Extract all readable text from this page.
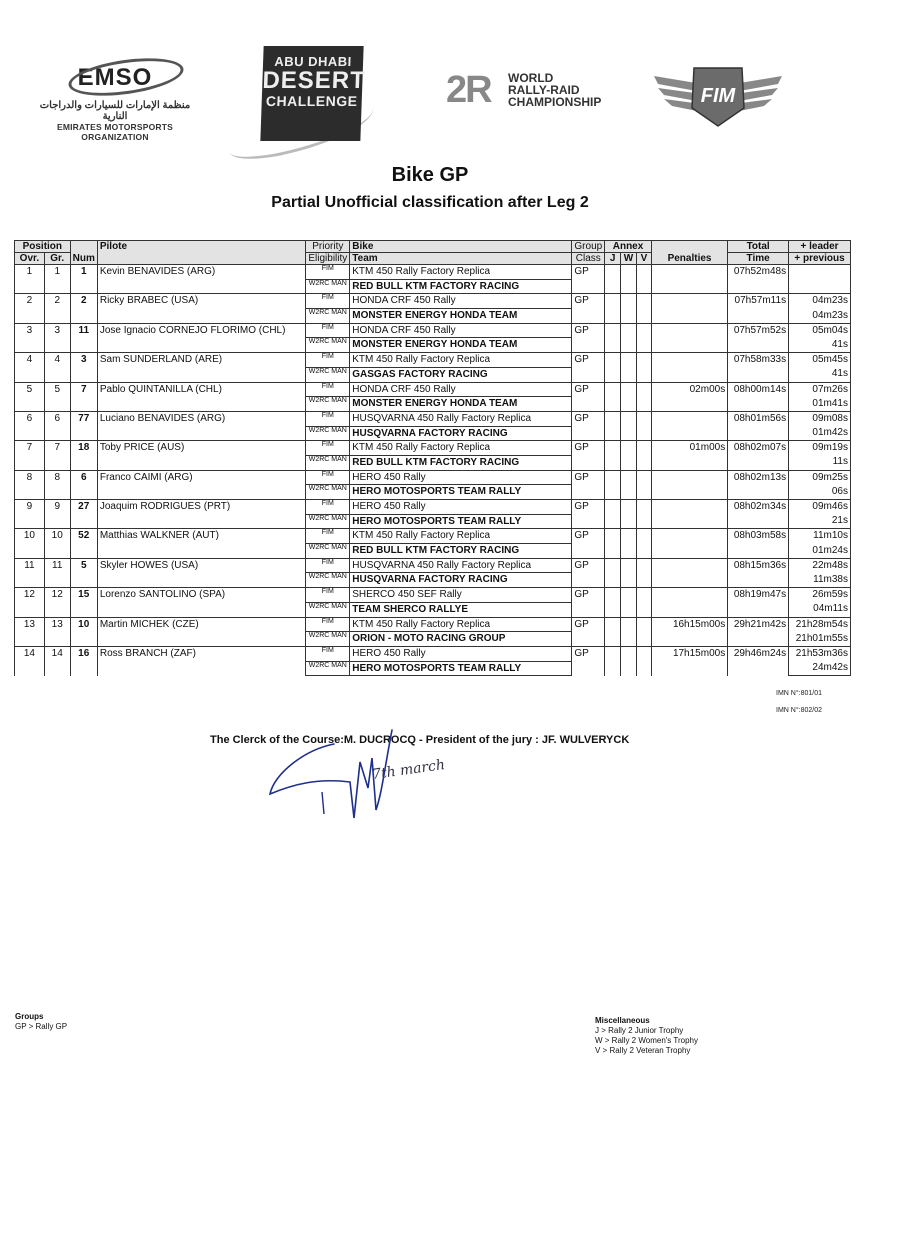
EMSO
منظمة الإمارات للسيارات والدراجات النارية
EMIRATES MOTORSPORTS ORGANIZATION
ABU DHABI
DESERT
CHALLENGE 2R WORLD
RALLY-RAID
CHAMPIONSHIP	FIM
Bike GP
Partial Unofficial classification after Leg 2
Position		Num	Pilote	Priority	Bike	Group	Annex			Penalties	Total	+ leader
Ovr.	Gr.			Eligibility	Team	Class	J	W	V		Time	+ previous
1	1	1	Kevin BENAVIDES (ARG)	FIM	KTM 450 Rally Factory Replica	GP					07h52m48s	
				W2RC MAN	RED BULL KTM FACTORY RACING							
2	2	2	Ricky BRABEC (USA)	FIM	HONDA CRF 450 Rally	GP					07h57m11s	04m23s
				W2RC MAN	MONSTER ENERGY HONDA TEAM							04m23s
3	3	11	Jose Ignacio CORNEJO FLORIMO (CHL)	FIM	HONDA CRF 450 Rally	GP					07h57m52s	05m04s
				W2RC MAN	MONSTER ENERGY HONDA TEAM							41s
4	4	3	Sam SUNDERLAND (ARE)	FIM	KTM 450 Rally Factory Replica	GP					07h58m33s	05m45s
				W2RC MAN	GASGAS FACTORY RACING							41s
5	5	7	Pablo QUINTANILLA (CHL)	FIM	HONDA CRF 450 Rally	GP				02m00s	08h00m14s	07m26s
				W2RC MAN	MONSTER ENERGY HONDA TEAM							01m41s
6	6	77	Luciano BENAVIDES (ARG)	FIM	HUSQVARNA 450 Rally Factory Replica	GP					08h01m56s	09m08s
				W2RC MAN	HUSQVARNA FACTORY RACING							01m42s
7	7	18	Toby PRICE (AUS)	FIM	KTM 450 Rally Factory Replica	GP				01m00s	08h02m07s	09m19s
				W2RC MAN	RED BULL KTM FACTORY RACING							11s
8	8	6	Franco CAIMI (ARG)	FIM	HERO 450 Rally	GP					08h02m13s	09m25s
				W2RC MAN	HERO MOTOSPORTS TEAM RALLY							06s
9	9	27	Joaquim RODRIGUES (PRT)	FIM	HERO 450 Rally	GP					08h02m34s	09m46s
				W2RC MAN	HERO MOTOSPORTS TEAM RALLY							21s
10	10	52	Matthias WALKNER (AUT)	FIM	KTM 450 Rally Factory Replica	GP					08h03m58s	11m10s
				W2RC MAN	RED BULL KTM FACTORY RACING							01m24s
11	11	5	Skyler HOWES (USA)	FIM	HUSQVARNA 450 Rally Factory Replica	GP					08h15m36s	22m48s
				W2RC MAN	HUSQVARNA FACTORY RACING							11m38s
12	12	15	Lorenzo SANTOLINO (SPA)	FIM	SHERCO 450 SEF Rally	GP					08h19m47s	26m59s
				W2RC MAN	TEAM SHERCO RALLYE							04m11s
13	13	10	Martin MICHEK (CZE)	FIM	KTM 450 Rally Factory Replica	GP				16h15m00s	29h21m42s	21h28m54s
				W2RC MAN	ORION - MOTO RACING GROUP							21h01m55s
14	14	16	Ross BRANCH (ZAF)	FIM	HERO 450 Rally	GP				17h15m00s	29h46m24s	21h53m36s
				W2RC MAN	HERO MOTOSPORTS TEAM RALLY							24m42s
IMN N°:801/01
IMN N°:802/02
The Clerck of the Course:M. DUCROCQ - President of the jury : JF. WULVERYCK
7th march
Groups
GP > Rally GP
Miscellaneous
J > Rally 2 Junior Trophy
W > Rally 2 Women's Trophy
V > Rally 2 Veteran Trophy
